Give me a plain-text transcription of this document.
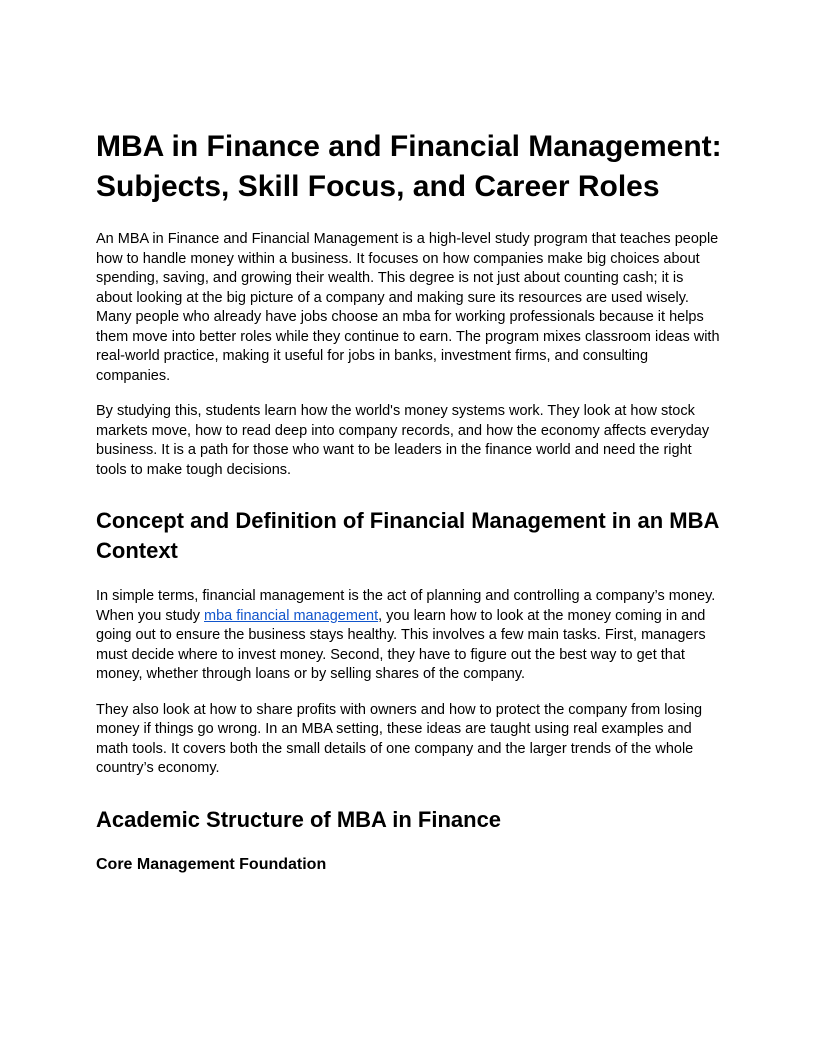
MBA in Finance and Financial Management: Subjects, Skill Focus, and Career Roles

An MBA in Finance and Financial Management is a high-level study program that teaches people how to handle money within a business. It focuses on how companies make big choices about spending, saving, and growing their wealth. This degree is not just about counting cash; it is about looking at the big picture of a company and making sure its resources are used wisely. Many people who already have jobs choose an mba for working professionals because it helps them move into better roles while they continue to earn. The program mixes classroom ideas with real-world practice, making it useful for jobs in banks, investment firms, and consulting companies.

By studying this, students learn how the world's money systems work. They look at how stock markets move, how to read deep into company records, and how the economy affects everyday business. It is a path for those who want to be leaders in the finance world and need the right tools to make tough decisions.

Concept and Definition of Financial Management in an MBA Context

In simple terms, financial management is the act of planning and controlling a company’s money. When you study mba financial management, you learn how to look at the money coming in and going out to ensure the business stays healthy. This involves a few main tasks. First, managers must decide where to invest money. Second, they have to figure out the best way to get that money, whether through loans or by selling shares of the company.

They also look at how to share profits with owners and how to protect the company from losing money if things go wrong. In an MBA setting, these ideas are taught using real examples and math tools. It covers both the small details of one company and the larger trends of the whole country’s economy.

Academic Structure of MBA in Finance
Core Management Foundation
